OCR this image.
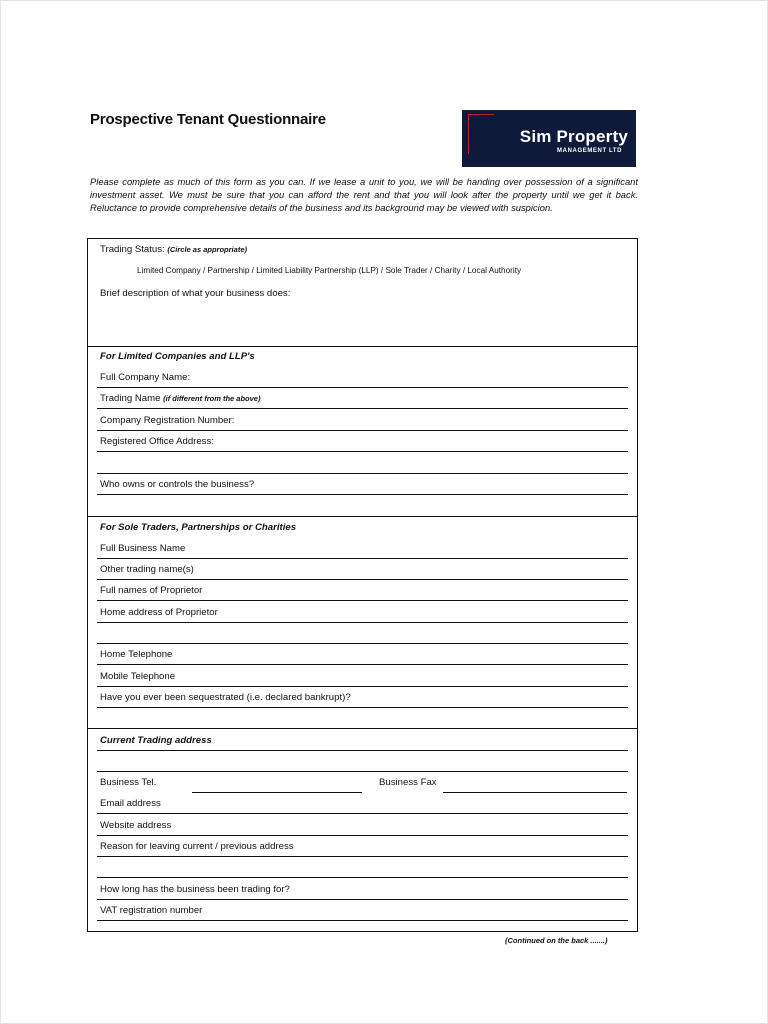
Prospective Tenant Questionnaire
Sim Property
MANAGEMENT LTD
Please complete as much of this form as you can. If we lease a unit to you, we will be handing over possession of a significant investment asset. We must be sure that you can afford the rent and that you will look after the property until we get it back. Reluctance to provide comprehensive details of the business and its background may be viewed with suspicion.
Trading Status: (Circle as appropriate)
Limited Company / Partnership / Limited Liability Partnership (LLP) / Sole Trader / Charity / Local Authority
Brief description of what your business does:
For Limited Companies and LLP's
Full Company Name:
Trading Name (if different from the above)
Company Registration Number:
Registered Office Address:
Who owns or controls the business?
For Sole Traders, Partnerships or Charities
Full Business Name
Other trading name(s)
Full names of Proprietor
Home address of Proprietor
Home Telephone
Mobile Telephone
Have you ever been sequestrated (i.e. declared bankrupt)?
Current Trading address
Business Tel.	Business Fax
Email address
Website address
Reason for leaving current / previous address
How long has the business been trading for?
VAT registration number
(Continued on the back .......)
